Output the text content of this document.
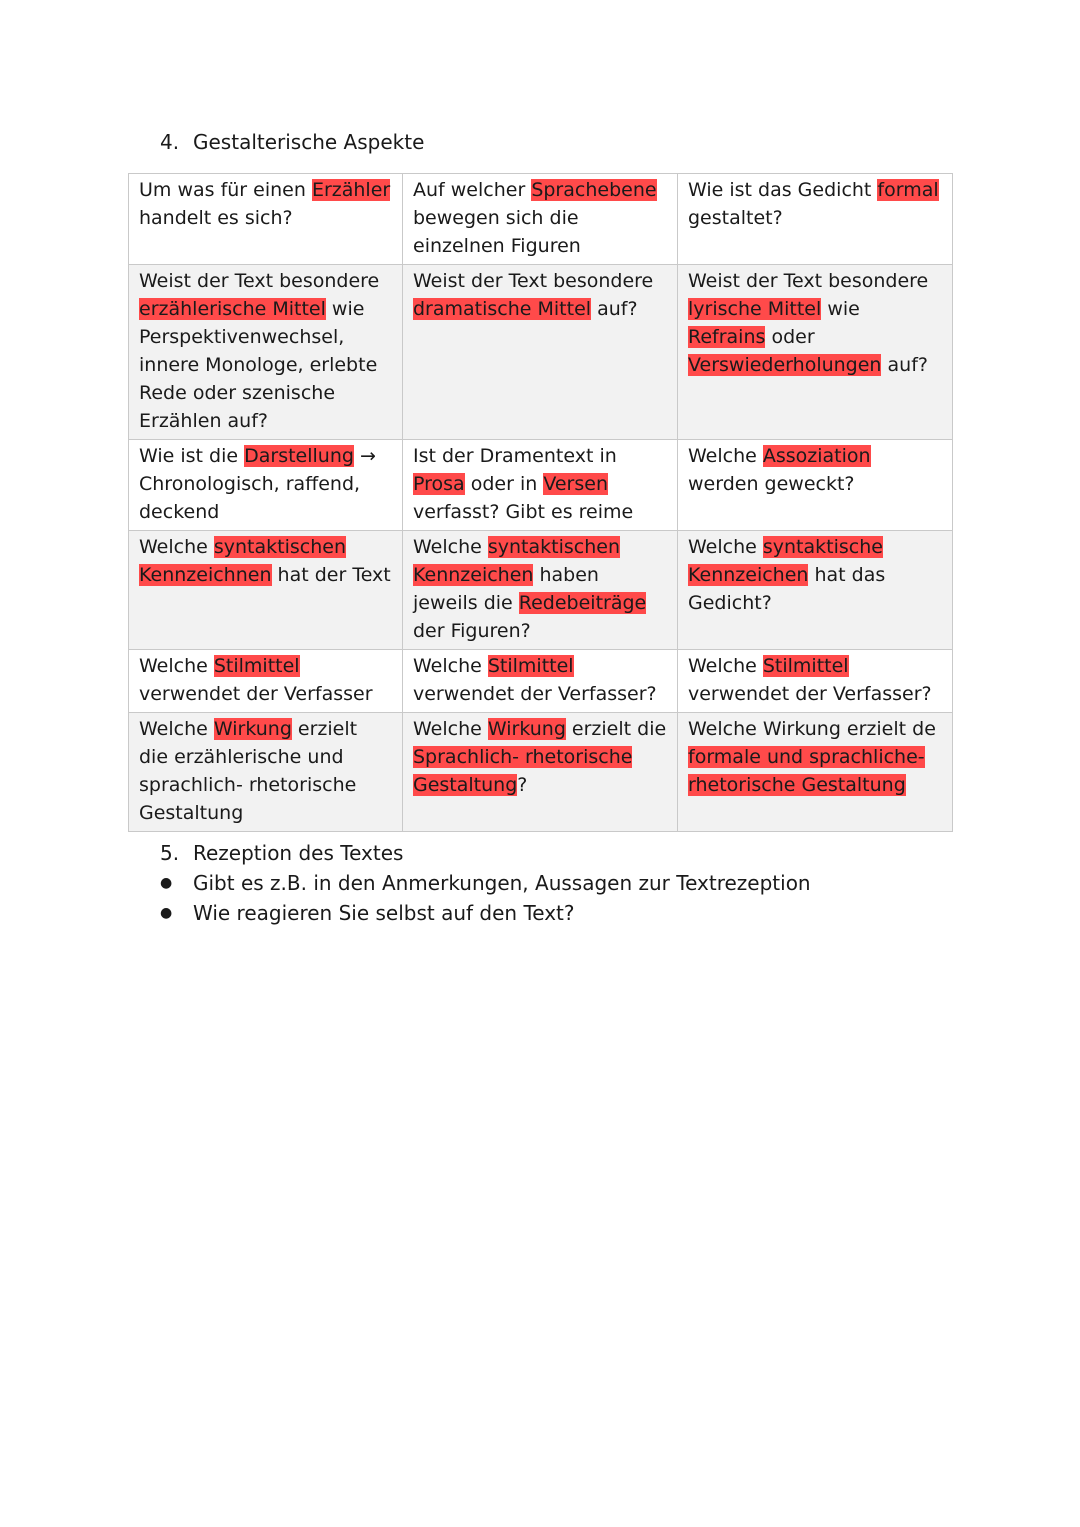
4. Gestalterische Aspekte
Um was für einen Erzähler handelt es sich?	Auf welcher Sprachebene bewegen sich die einzelnen Figuren	Wie ist das Gedicht formal gestaltet?
Weist der Text besondere erzählerische Mittel wie Perspektivenwechsel, innere Monologe, erlebte Rede oder szenische Erzählen auf?	Weist der Text besondere dramatische Mittel auf?	Weist der Text besondere lyrische Mittel wie Refrains oder Verswiederholungen auf?
Wie ist die Darstellung → Chronologisch, raffend, deckend	Ist der Dramentext in Prosa oder in Versen verfasst? Gibt es reime	Welche Assoziation werden geweckt?
Welche syntaktischen Kennzeichnen hat der Text	Welche syntaktischen Kennzeichen haben jeweils die Redebeiträge der Figuren?	Welche syntaktische Kennzeichen hat das Gedicht?
Welche Stilmittel verwendet der Verfasser	Welche Stilmittel verwendet der Verfasser?	Welche Stilmittel verwendet der Verfasser?
Welche Wirkung erzielt die erzählerische und sprachlich- rhetorische Gestaltung	Welche Wirkung erzielt die Sprachlich- rhetorische Gestaltung?	Welche Wirkung erzielt de formale und sprachliche- rhetorische Gestaltung
5. Rezeption des Textes
● Gibt es z.B. in den Anmerkungen, Aussagen zur Textrezeption
● Wie reagieren Sie selbst auf den Text?
